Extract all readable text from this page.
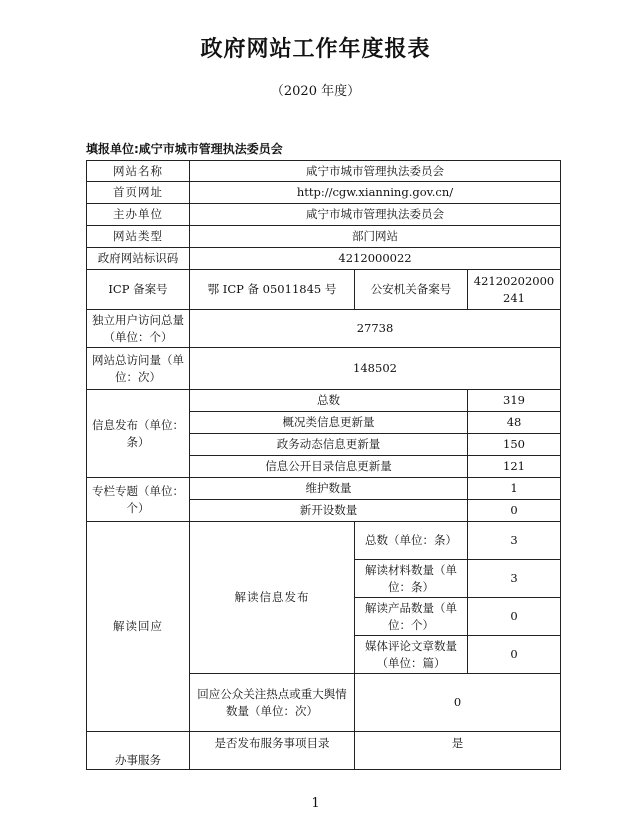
政府网站工作年度报表
（2020 年度）
填报单位:咸宁市城市管理执法委员会
网站名称	咸宁市城市管理执法委员会		
首页网址	http://cgw.xianning.gov.cn/		
主办单位	咸宁市城市管理执法委员会		
网站类型	部门网站		
政府网站标识码	4212000022		
ICP 备案号	鄂 ICP 备 05011845 号	公安机关备案号	42120202000241
独立用户访问总量（单位：个）	27738		
网站总访问量（单位：次）	148502		
信息发布（单位：条）	总数		319
	概况类信息更新量		48
	政务动态信息更新量		150
	信息公开目录信息更新量		121
专栏专题（单位：个）	维护数量		1
	新开设数量		0
解读回应	解读信息发布	总数（单位：条）	3
		解读材料数量（单位：条）	3
		解读产品数量（单位：个）	0
		媒体评论文章数量（单位：篇）	0
	回应公众关注热点或重大舆情数量（单位：次）	0	
办事服务	是否发布服务事项目录	是	
1
